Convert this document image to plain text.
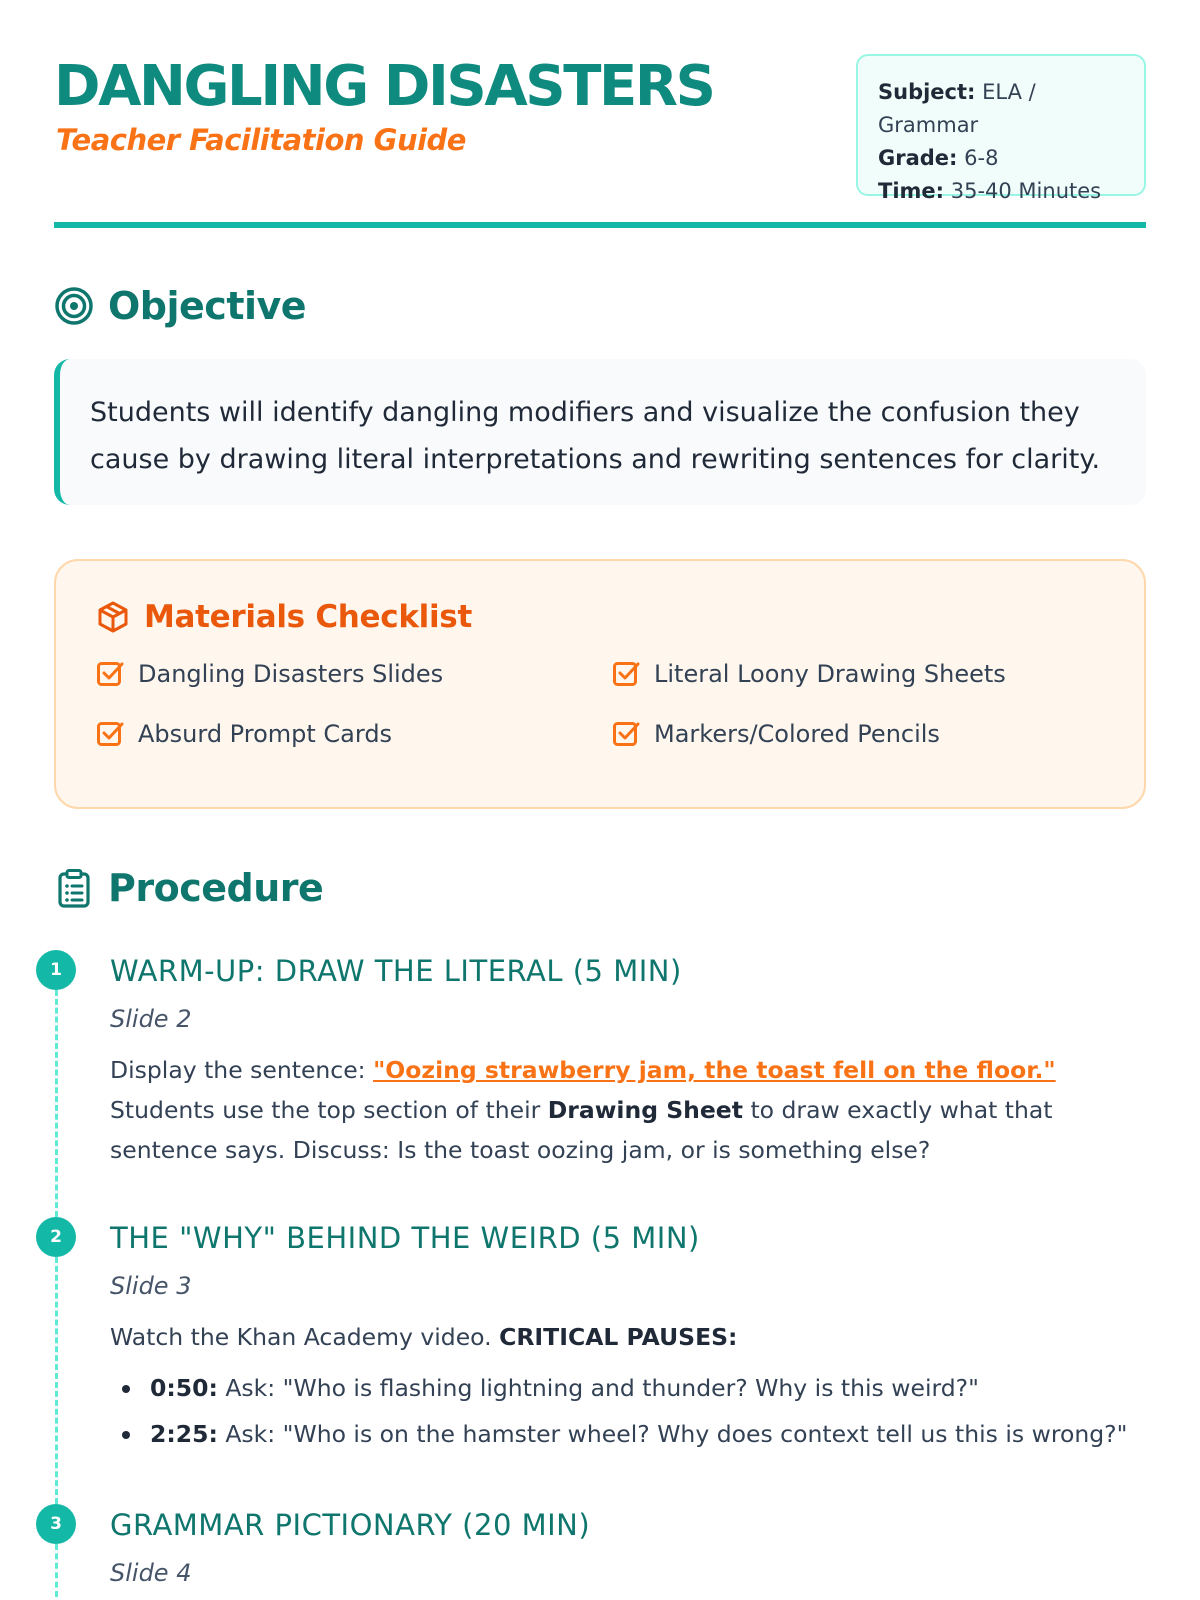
DANGLING DISASTERS
Teacher Facilitation Guide
Subject: ELA / Grammar
Grade: 6-8
Time: 35-40 Minutes
Objective
Students will identify dangling modifiers and visualize the confusion they cause by drawing literal interpretations and rewriting sentences for clarity.
Materials Checklist
Dangling Disasters Slides	Literal Loony Drawing Sheets
Absurd Prompt Cards	Markers/Colored Pencils
Procedure
1	WARM-UP: DRAW THE LITERAL (5 MIN)
Slide 2

Display the sentence: "Oozing strawberry jam, the toast fell on the floor." Students use the top section of their Drawing Sheet to draw exactly what that sentence says. Discuss: Is the toast oozing jam, or is something else?

2	THE "WHY" BEHIND THE WEIRD (5 MIN)
Slide 3

Watch the Khan Academy video. CRITICAL PAUSES:

0:50: Ask: "Who is flashing lightning and thunder? Why is this weird?"
2:25: Ask: "Who is on the hamster wheel? Why does context tell us this is wrong?"
3	GRAMMAR PICTIONARY (20 MIN)
Slide 4
